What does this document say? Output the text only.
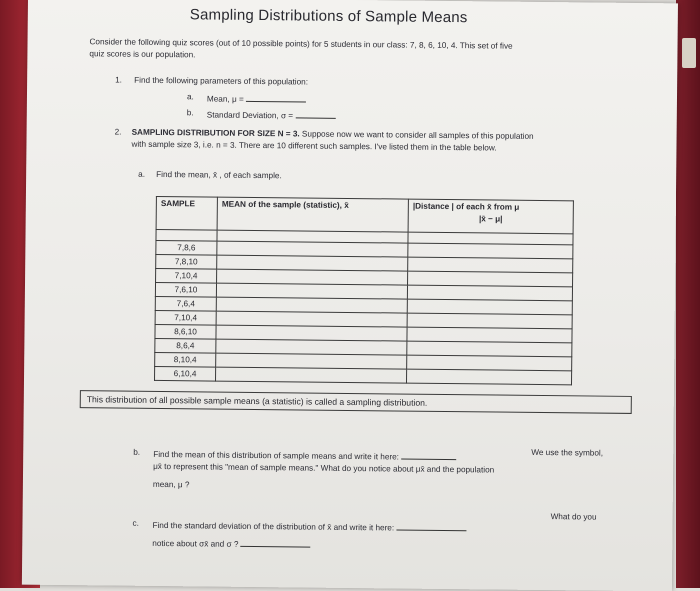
Sampling Distributions of Sample Means
Consider the following quiz scores (out of 10 possible points) for 5 students in our class: 7, 8, 6, 10, 4. This set of five
quiz scores is our population.
1. Find the following parameters of this population:
a. Mean, μ =
b. Standard Deviation, σ =
2. SAMPLING DISTRIBUTION FOR SIZE N = 3. Suppose now we want to consider all samples of this population
with sample size 3, i.e. n = 3. There are 10 different such samples. I've listed them in the table below.
a. Find the mean, x̄ , of each sample.
SAMPLE	MEAN of the sample (statistic), x̄	|Distance | of each x̄ from μ
|x̄ − μ|

7,8,6		
7,8,10		
7,10,4		
7,6,10		
7,6,4		
7,10,4		
8,6,10		
8,6,4		
8,10,4		
6,10,4		
This distribution of all possible sample means (a statistic) is called a sampling distribution.
b. Find the mean of this distribution of sample means and write it here:	We use the symbol,
μx̄ to represent this "mean of sample means." What do you notice about μx̄ and the population
mean, μ ?
c. Find the standard deviation of the distribution of x̄ and write it here:
What do you
notice about σx̄ and σ ?
